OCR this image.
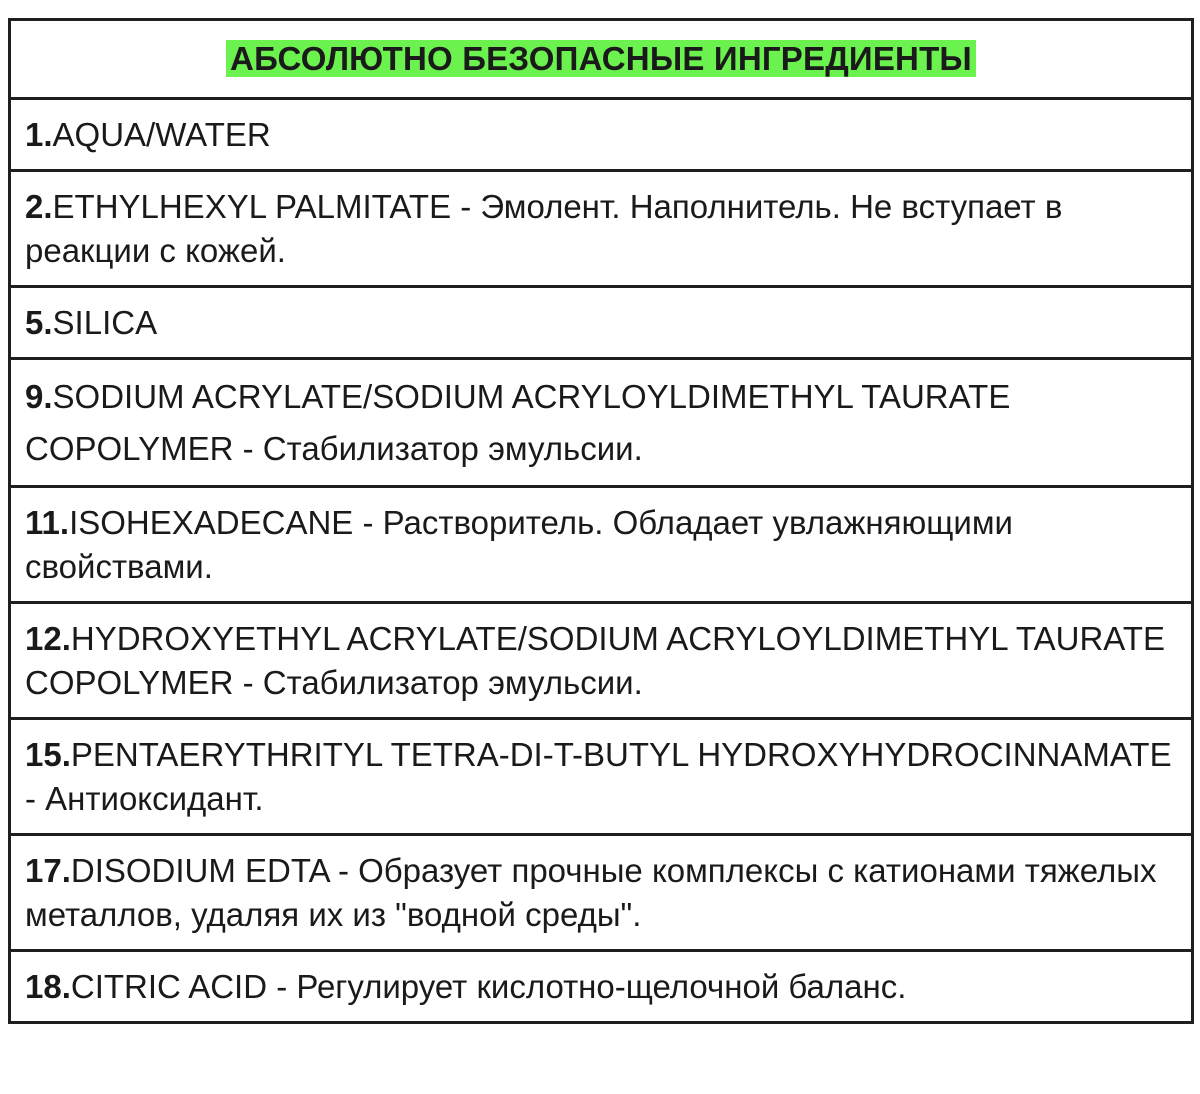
АБСОЛЮТНО БЕЗОПАСНЫЕ ИНГРЕДИЕНТЫ
1.AQUA/WATER
2.ETHYLHEXYL PALMITATE - Эмолент. Наполнитель. Не вступает в реакции с кожей.
5.SILICA
9.SODIUM ACRYLATE/SODIUM ACRYLOYLDIMETHYL TAURATE COPOLYMER - Стабилизатор эмульсии.
11.ISOHEXADECANE - Растворитель. Обладает увлажняющими свойствами.
12.HYDROXYETHYL ACRYLATE/SODIUM ACRYLOYLDIMETHYL TAURATE COPOLYMER - Стабилизатор эмульсии.
15.PENTAERYTHRITYL TETRA-DI-T-BUTYL HYDROXYHYDROCINNAMATE - Антиоксидант.
17.DISODIUM EDTA - Образует прочные комплексы с катионами тяжелых металлов, удаляя их из "водной среды".
18.CITRIC ACID - Регулирует кислотно-щелочной баланс.
